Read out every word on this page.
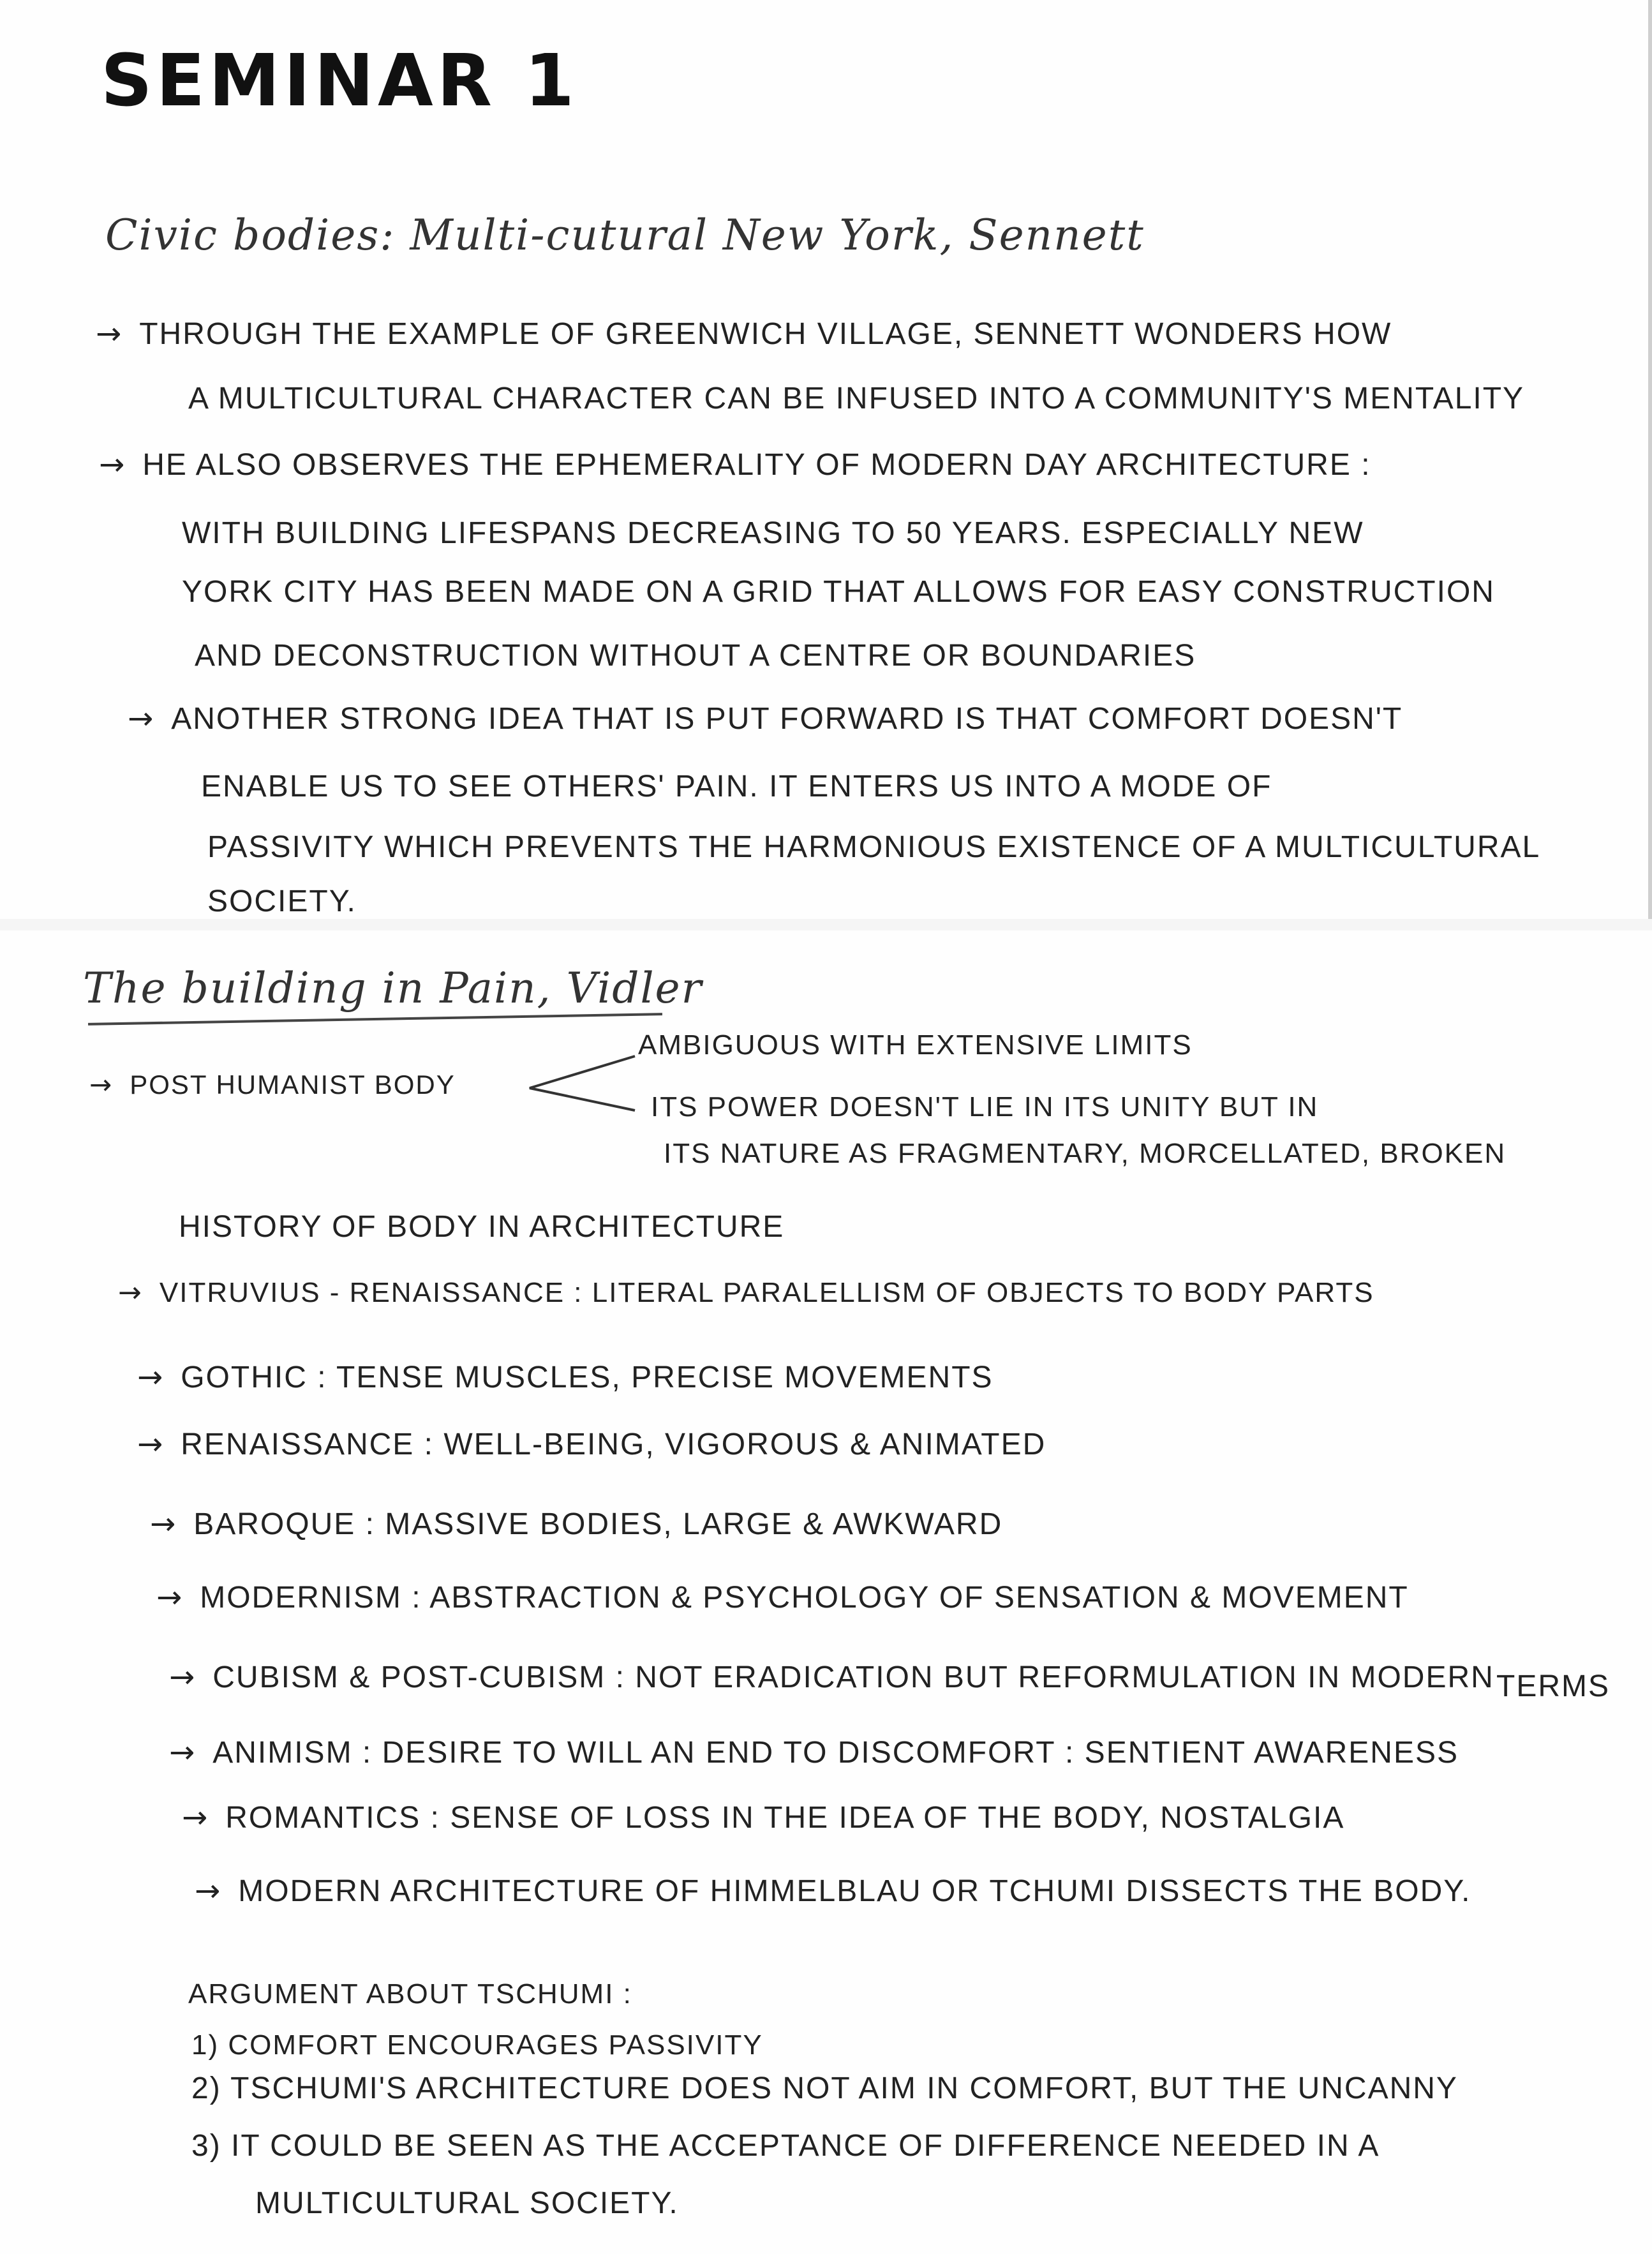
SEMINAR 1
Civic bodies: Multi-cutural New York, Sennett
→ THROUGH THE EXAMPLE OF GREENWICH VILLAGE, SENNETT WONDERS HOW
A MULTICULTURAL CHARACTER CAN BE INFUSED INTO A COMMUNITY'S MENTALITY
→ HE ALSO OBSERVES THE EPHEMERALITY OF MODERN DAY ARCHITECTURE :
WITH BUILDING LIFESPANS DECREASING TO 50 YEARS. ESPECIALLY NEW
YORK CITY HAS BEEN MADE ON A GRID THAT ALLOWS FOR EASY CONSTRUCTION
AND DECONSTRUCTION WITHOUT A CENTRE OR BOUNDARIES
→ ANOTHER STRONG IDEA THAT IS PUT FORWARD IS THAT COMFORT DOESN'T
ENABLE US TO SEE OTHERS' PAIN. IT ENTERS US INTO A MODE OF
PASSIVITY WHICH PREVENTS THE HARMONIOUS EXISTENCE OF A MULTICULTURAL
SOCIETY.
The building in Pain, Vidler
→ POST HUMANIST BODY
AMBIGUOUS WITH EXTENSIVE LIMITS
ITS POWER DOESN'T LIE IN ITS UNITY BUT IN
ITS NATURE AS FRAGMENTARY, MORCELLATED, BROKEN
HISTORY OF BODY IN ARCHITECTURE
→ VITRUVIUS - RENAISSANCE : LITERAL PARALELLISM OF OBJECTS TO BODY PARTS
→ GOTHIC : TENSE MUSCLES, PRECISE MOVEMENTS
→ RENAISSANCE : WELL-BEING, VIGOROUS & ANIMATED
→ BAROQUE : MASSIVE BODIES, LARGE & AWKWARD
→ MODERNISM : ABSTRACTION & PSYCHOLOGY OF SENSATION & MOVEMENT
→ CUBISM & POST-CUBISM : NOT ERADICATION BUT REFORMULATION IN MODERN TERMS
→ ANIMISM : DESIRE TO WILL AN END TO DISCOMFORT : SENTIENT AWARENESS
→ ROMANTICS : SENSE OF LOSS IN THE IDEA OF THE BODY, NOSTALGIA
→ MODERN ARCHITECTURE OF HIMMELBLAU OR TCHUMI DISSECTS THE BODY.
ARGUMENT ABOUT TSCHUMI :
1) COMFORT ENCOURAGES PASSIVITY
2) TSCHUMI'S ARCHITECTURE DOES NOT AIM IN COMFORT, BUT THE UNCANNY
3) IT COULD BE SEEN AS THE ACCEPTANCE OF DIFFERENCE NEEDED IN A
MULTICULTURAL SOCIETY.
